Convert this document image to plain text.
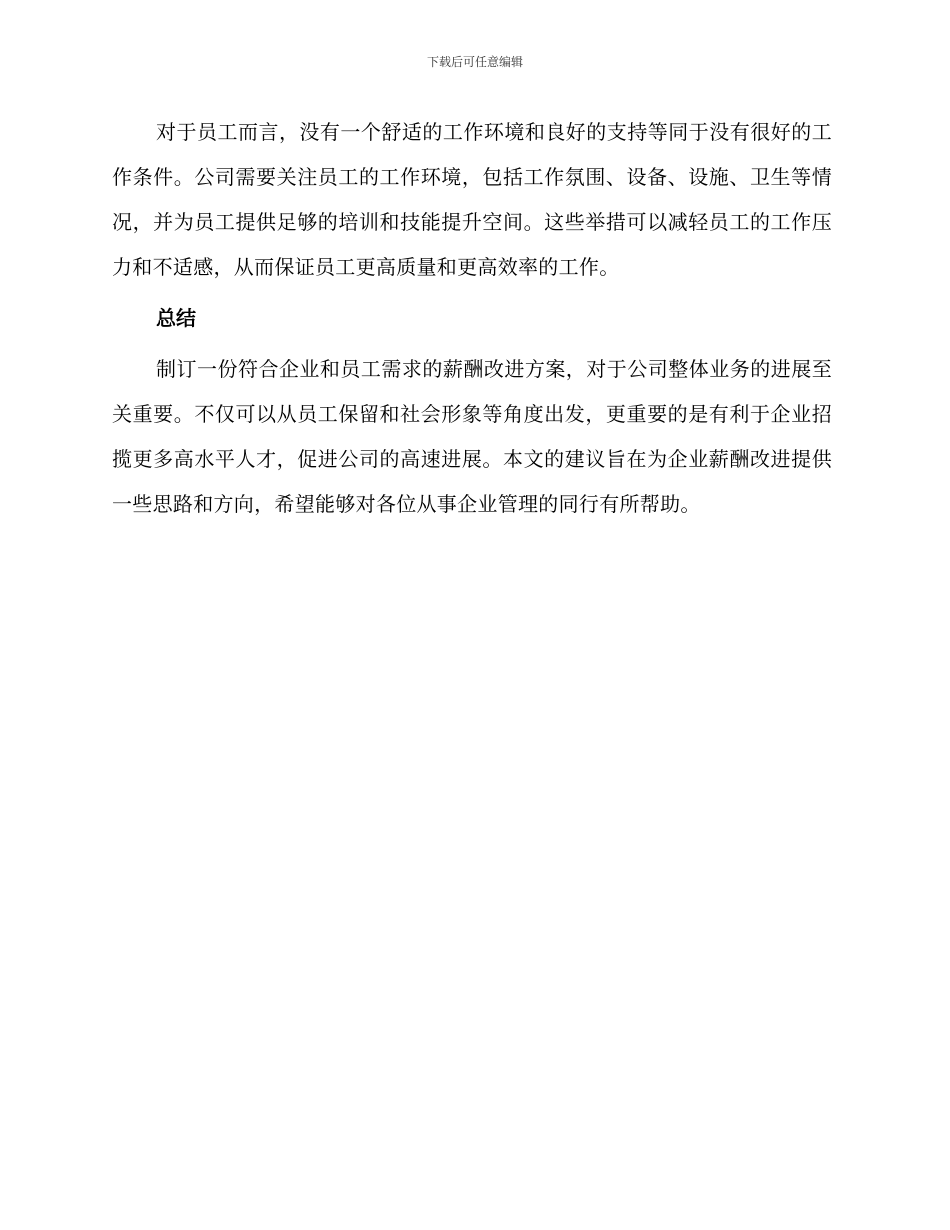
下载后可任意编辑

对于员工而言，没有一个舒适的工作环境和良好的支持等同于没有很好的工作条件。公司需要关注员工的工作环境，包括工作氛围、设备、设施、卫生等情况，并为员工提供足够的培训和技能提升空间。这些举措可以减轻员工的工作压力和不适感，从而保证员工更高质量和更高效率的工作。

总结

制订一份符合企业和员工需求的薪酬改进方案，对于公司整体业务的进展至关重要。不仅可以从员工保留和社会形象等角度出发，更重要的是有利于企业招揽更多高水平人才，促进公司的高速进展。本文的建议旨在为企业薪酬改进提供一些思路和方向，希望能够对各位从事企业管理的同行有所帮助。
